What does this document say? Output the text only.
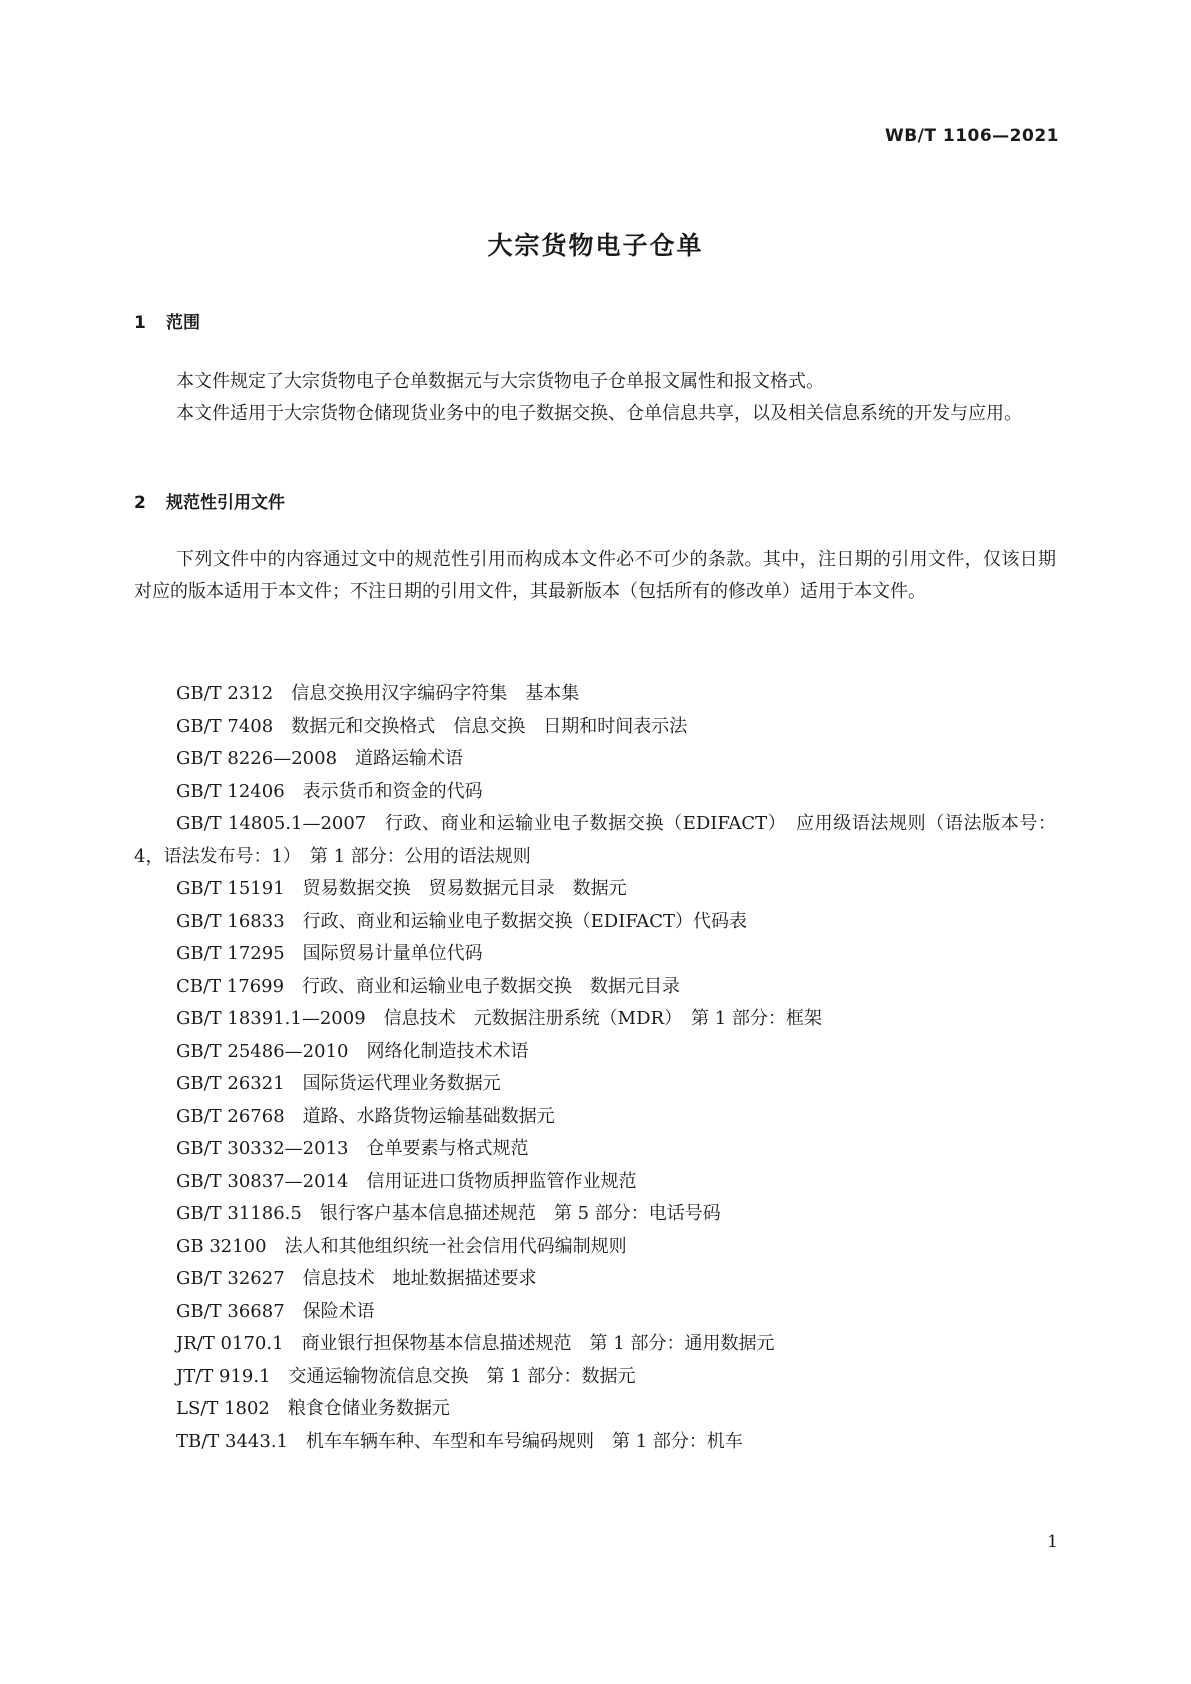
WB/T 1106—2021
大宗货物电子仓单
1 范围

本文件规定了大宗货物电子仓单数据元与大宗货物电子仓单报文属性和报文格式。

本文件适用于大宗货物仓储现货业务中的电子数据交换、仓单信息共享，以及相关信息系统的开发与应用。

2 规范性引用文件

下列文件中的内容通过文中的规范性引用而构成本文件必不可少的条款。其中，注日期的引用文件，仅该日期对应的版本适用于本文件；不注日期的引用文件，其最新版本（包括所有的修改单）适用于本文件。

GB/T 2312 信息交换用汉字编码字符集　基本集
GB/T 7408 数据元和交换格式　信息交换　日期和时间表示法
GB/T 8226—2008 道路运输术语
GB/T 12406 表示货币和资金的代码
GB/T 14805.1—2007 行政、商业和运输业电子数据交换（EDIFACT）　应用级语法规则（语法版本号：4，语法发布号：1）　第 1 部分：公用的语法规则
GB/T 15191 贸易数据交换　贸易数据元目录　数据元
GB/T 16833 行政、商业和运输业电子数据交换（EDIFACT）代码表
GB/T 17295 国际贸易计量单位代码
CB/T 17699 行政、商业和运输业电子数据交换　数据元目录
GB/T 18391.1—2009 信息技术　元数据注册系统（MDR）　第 1 部分：框架
GB/T 25486—2010 网络化制造技术术语
GB/T 26321 国际货运代理业务数据元
GB/T 26768 道路、水路货物运输基础数据元
GB/T 30332—2013 仓单要素与格式规范
GB/T 30837—2014 信用证进口货物质押监管作业规范
GB/T 31186.5 银行客户基本信息描述规范　第 5 部分：电话号码
GB 32100 法人和其他组织统一社会信用代码编制规则
GB/T 32627 信息技术　地址数据描述要求
GB/T 36687 保险术语
JR/T 0170.1 商业银行担保物基本信息描述规范　第 1 部分：通用数据元
JT/T 919.1 交通运输物流信息交换　第 1 部分：数据元
LS/T 1802 粮食仓储业务数据元
TB/T 3443.1 机车车辆车种、车型和车号编码规则　第 1 部分：机车
1
